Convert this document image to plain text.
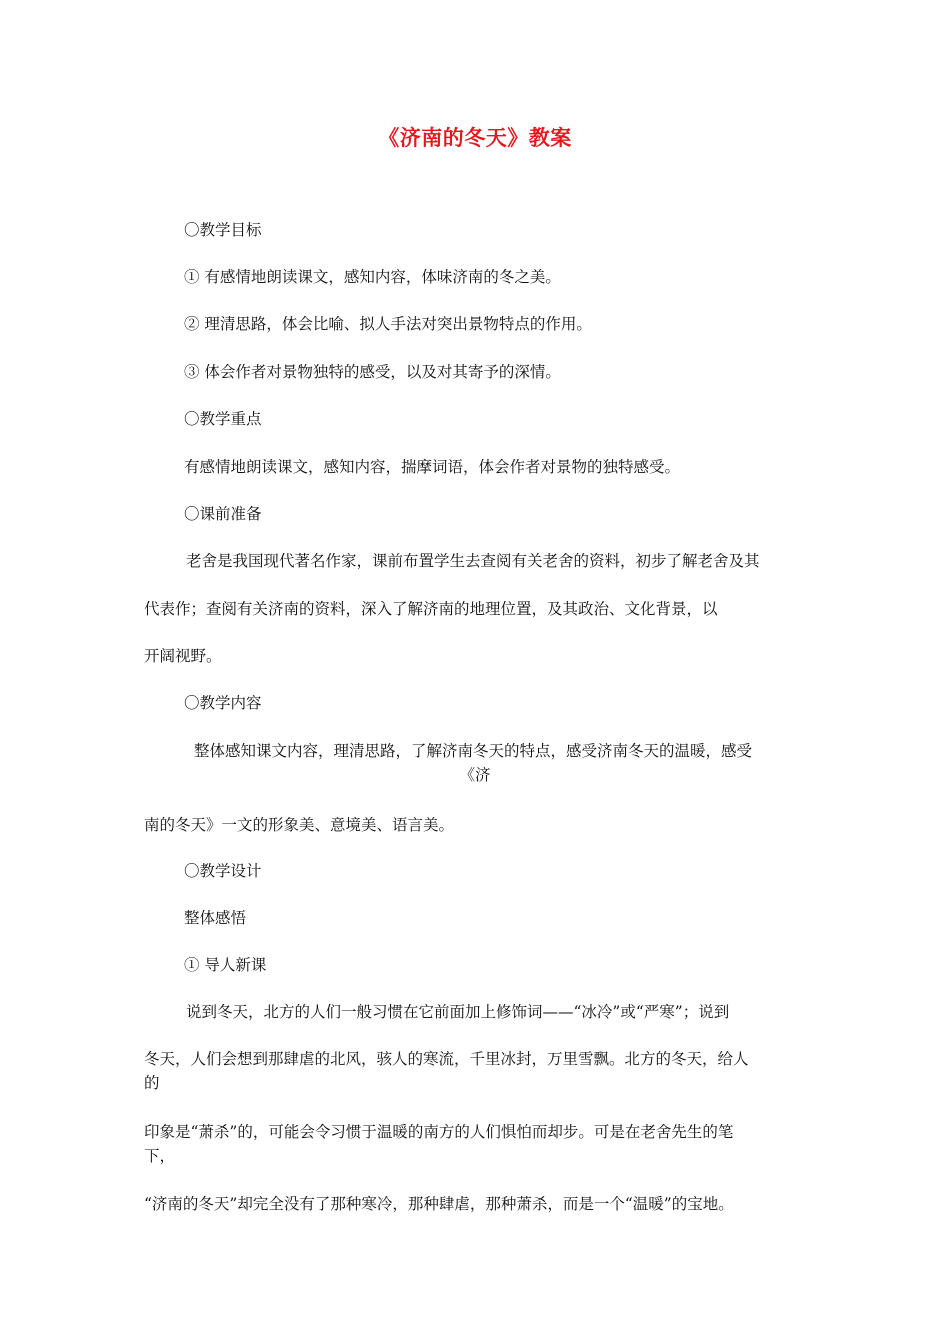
《济南的冬天》教案
〇教学目标
① 有感情地朗读课文，感知内容，体味济南的冬之美。
② 理清思路，体会比喻、拟人手法对突出景物特点的作用。
③ 体会作者对景物独特的感受，以及对其寄予的深情。
〇教学重点
有感情地朗读课文，感知内容，揣摩词语，体会作者对景物的独特感受。
〇课前准备
老舍是我国现代著名作家，课前布置学生去查阅有关老舍的资料，初步了解老舍及其
代表作；查阅有关济南的资料，深入了解济南的地理位置，及其政治、文化背景，以
开阔视野。
〇教学内容
整体感知课文内容，理清思路，了解济南冬天的特点，感受济南冬天的温暖，感受
《济
南的冬天》一文的形象美、意境美、语言美。
〇教学设计
整体感悟
① 导人新课
说到冬天，北方的人们一般习惯在它前面加上修饰词——“冰冷”或“严寒”；说到
冬天，人们会想到那肆虐的北风，骇人的寒流，千里冰封，万里雪飘。北方的冬天，给人
的
印象是“萧杀”的，可能会令习惯于温暖的南方的人们惧怕而却步。可是在老舍先生的笔
下，
“济南的冬天”却完全没有了那种寒冷，那种肆虐，那种萧杀，而是一个“温暖”的宝地。
